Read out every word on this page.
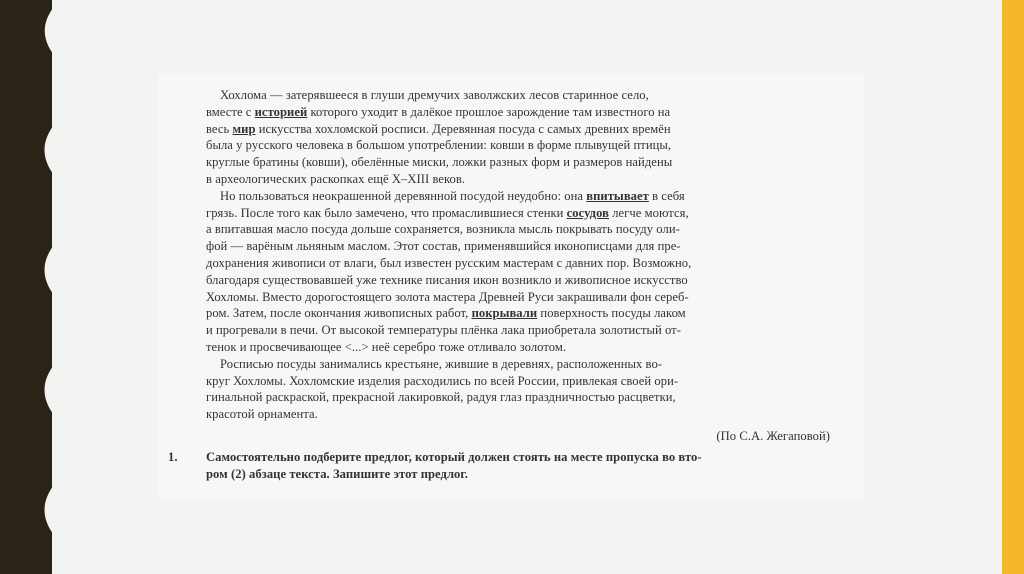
Хохлома — затерявшееся в глуши дремучих заволжских лесов старинное село,
вместе с историей которого уходит в далёкое прошлое зарождение там известного на
весь мир искусства хохломской росписи. Деревянная посуда с самых древних времён
была у русского человека в большом употреблении: ковши в форме плывущей птицы,
круглые братины (ковши), обелённые миски, ложки разных форм и размеров найдены
в археологических раскопках ещё X–XIII веков.
Но пользоваться неокрашенной деревянной посудой неудобно: она впитывает в себя
грязь. После того как было замечено, что промаслившиеся стенки сосудов легче моются,
а впитавшая масло посуда дольше сохраняется, возникла мысль покрывать посуду оли-
фой — варёным льняным маслом. Этот состав, применявшийся иконописцами для пре-
дохранения живописи от влаги, был известен русским мастерам с давних пор. Возможно,
благодаря существовавшей уже технике писания икон возникло и живописное искусство
Хохломы. Вместо дорогостоящего золота мастера Древней Руси закрашивали фон сереб-
ром. Затем, после окончания живописных работ, покрывали поверхность посуды лаком
и прогревали в печи. От высокой температуры плёнка лака приобретала золотистый от-
тенок и просвечивающее <...> неё серебро тоже отливало золотом.
Росписью посуды занимались крестьяне, жившие в деревнях, расположенных во-
круг Хохломы. Хохломские изделия расходились по всей России, привлекая своей ори-
гинальной раскраской, прекрасной лакировкой, радуя глаз праздничностью расцветки,
красотой орнамента.
(По С.А. Жегаповой)
1. Самостоятельно подберите предлог, который должен стоять на месте пропуска во вто-
ром (2) абзаце текста. Запишите этот предлог.
